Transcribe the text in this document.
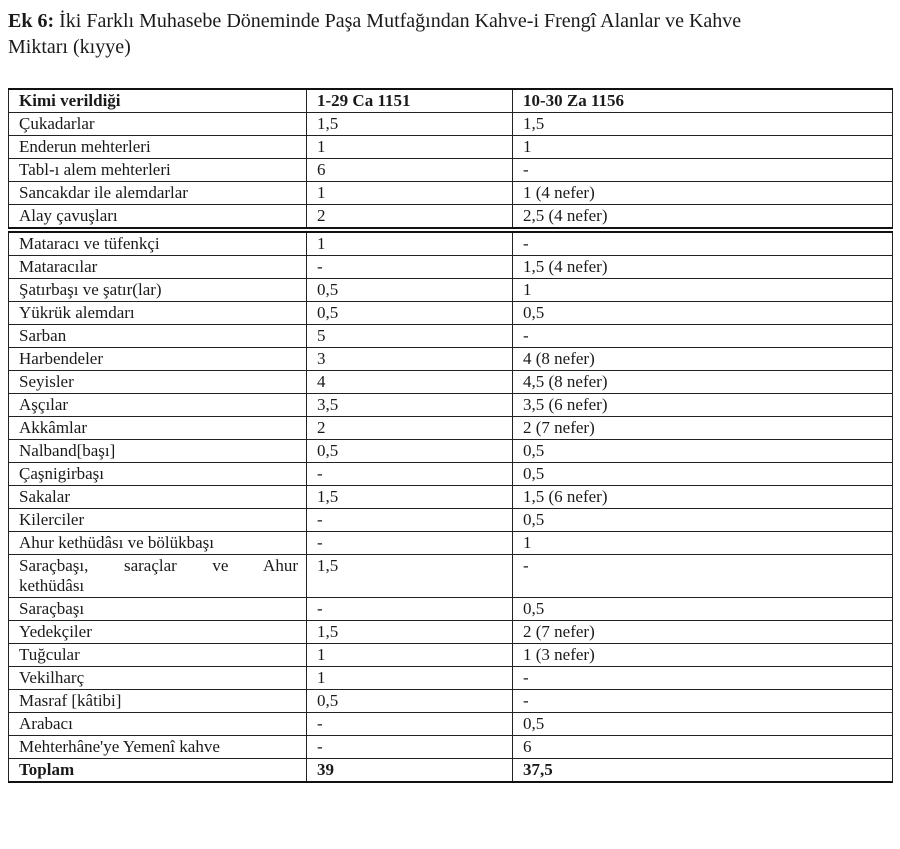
Ek 6: İki Farklı Muhasebe Döneminde Paşa Mutfağından Kahve-i Frengî Alanlar ve Kahve
Miktarı (kıyye)

Kimi verildiği	1-29 Ca 1151	10-30 Za 1156
Çukadarlar	1,5	1,5
Enderun mehterleri	1	1
Tabl-ı alem mehterleri	6	-
Sancakdar ile alemdarlar	1	1 (4 nefer)
Alay çavuşları	2	2,5 (4 nefer)

Mataracı ve tüfenkçi	1	-
Mataracılar	-	1,5 (4 nefer)
Şatırbaşı ve şatır(lar)	0,5	1
Yükrük alemdarı	0,5	0,5
Sarban	5	-
Harbendeler	3	4 (8 nefer)
Seyisler	4	4,5 (8 nefer)
Aşçılar	3,5	3,5 (6 nefer)
Akkâmlar	2	2 (7 nefer)
Nalband[başı]	0,5	0,5
Çaşnigirbaşı	-	0,5
Sakalar	1,5	1,5 (6 nefer)
Kilerciler	-	0,5
Ahur kethüdâsı ve bölükbaşı	-	1

Saraçbaşı, saraçlar ve Ahur
kethüdâsı	1,5	-
Saraçbaşı	-	0,5
Yedekçiler	1,5	2 (7 nefer)
Tuğcular	1	1 (3 nefer)
Vekilharç	1	-
Masraf [kâtibi]	0,5	-
Arabacı	-	0,5
Mehterhâne'ye Yemenî kahve	-	6
Toplam	39	37,5
